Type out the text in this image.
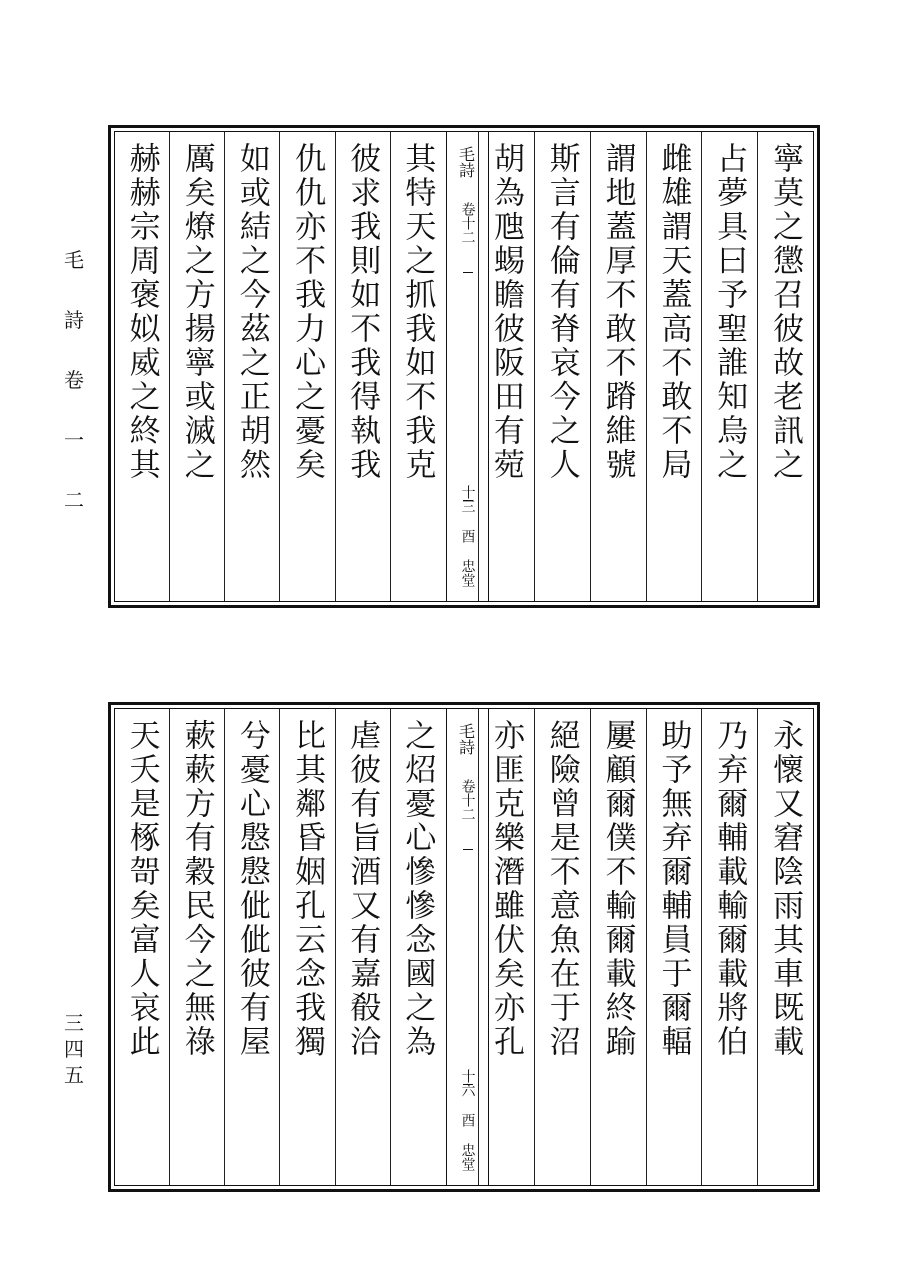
毛 詩 卷一二
三四五
寧莫之懲召彼故老訊之
占夢具曰予聖誰知烏之
雌雄謂天蓋高不敢不局
謂地蓋厚不敢不蹐維號
斯言有倫有脊哀今之人
胡為虺蜴瞻彼阪田有菀
毛詩
卷十二
十三 酉 忠堂
其特天之抓我如不我克
彼求我則如不我得執我
仇仇亦不我力心之憂矣
如或結之今茲之正胡然
厲矣燎之方揚寧或滅之
赫赫宗周褒姒威之終其
永懷又窘陰雨其車既載
乃弃爾輔載輸爾載將伯
助予無弃爾輔員于爾輻
屢顧爾僕不輸爾載終踰
絕險曾是不意魚在于沼
亦匪克樂潛雖伏矣亦孔
毛詩
卷十二
十六 酉 忠堂
之炤憂心慘慘念國之為
虐彼有旨酒又有嘉殽洽
比其鄰昏姻孔云念我獨
兮憂心慇慇佌佌彼有屋
蔌蔌方有穀民今之無祿
天夭是椓哿矣富人哀此
